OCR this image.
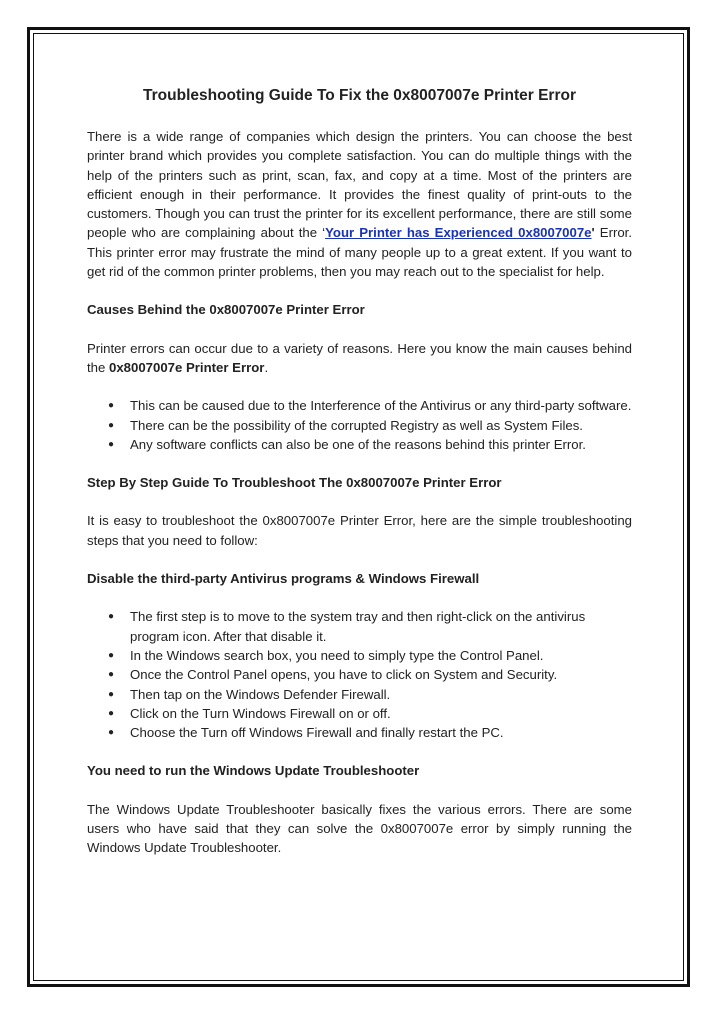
Troubleshooting Guide To Fix the 0x8007007e Printer Error

There is a wide range of companies which design the printers. You can choose the best printer brand which provides you complete satisfaction. You can do multiple things with the help of the printers such as print, scan, fax, and copy at a time. Most of the printers are efficient enough in their performance. It provides the finest quality of print-outs to the customers. Though you can trust the printer for its excellent performance, there are still some people who are complaining about the ‘Your Printer has Experienced 0x8007007e' Error. This printer error may frustrate the mind of many people up to a great extent. If you want to get rid of the common printer problems, then you may reach out to the specialist for help.

Causes Behind the 0x8007007e Printer Error

Printer errors can occur due to a variety of reasons. Here you know the main causes behind the 0x8007007e Printer Error.

● This can be caused due to the Interference of the Antivirus or any third-party software.
● There can be the possibility of the corrupted Registry as well as System Files.
● Any software conflicts can also be one of the reasons behind this printer Error.

Step By Step Guide To Troubleshoot The 0x8007007e Printer Error

It is easy to troubleshoot the 0x8007007e Printer Error, here are the simple troubleshooting steps that you need to follow:

Disable the third-party Antivirus programs & Windows Firewall

● The first step is to move to the system tray and then right-click on the antivirus program icon. After that disable it.
● In the Windows search box, you need to simply type the Control Panel.
● Once the Control Panel opens, you have to click on System and Security.
● Then tap on the Windows Defender Firewall.
● Click on the Turn Windows Firewall on or off.
● Choose the Turn off Windows Firewall and finally restart the PC.

You need to run the Windows Update Troubleshooter

The Windows Update Troubleshooter basically fixes the various errors. There are some users who have said that they can solve the 0x8007007e error by simply running the Windows Update Troubleshooter.
